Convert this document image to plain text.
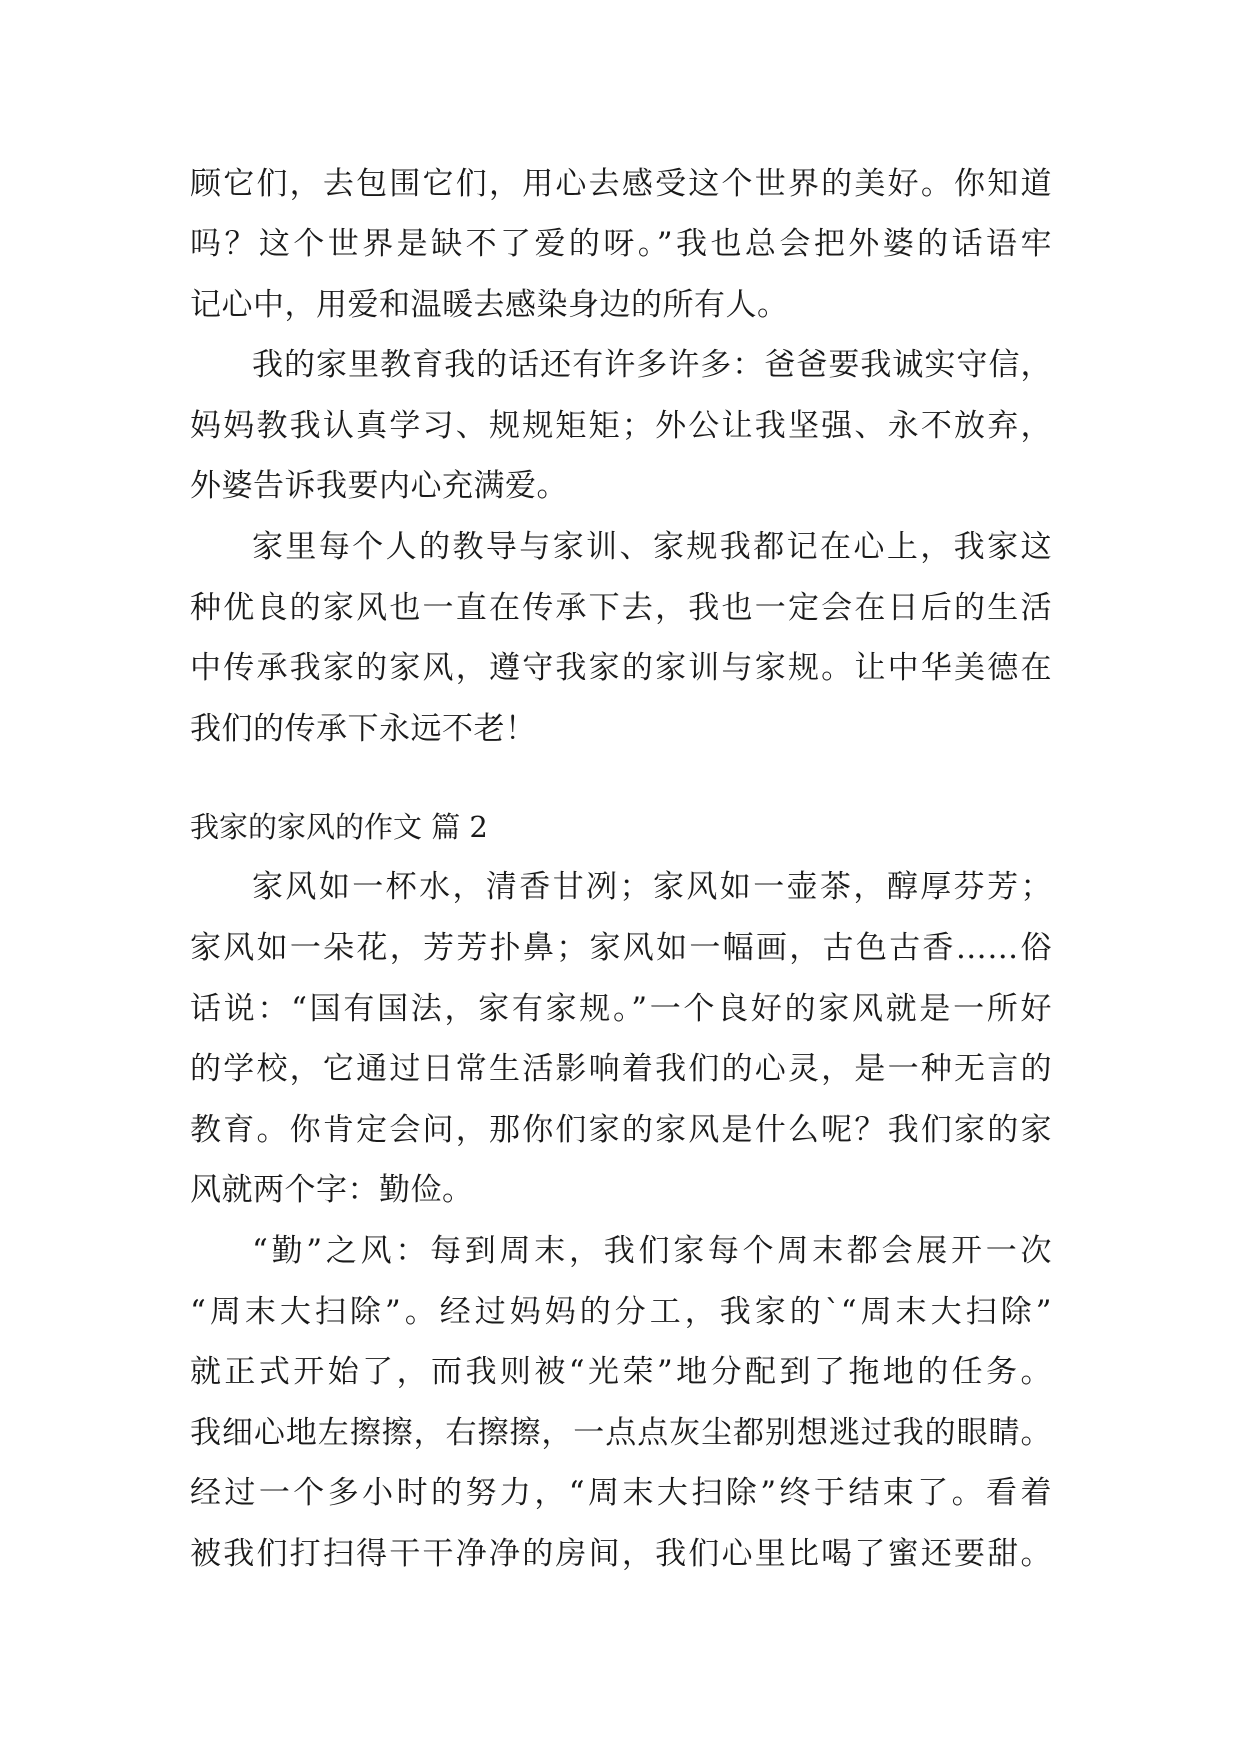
顾它们，去包围它们，用心去感受这个世界的美好。你知道
吗？这个世界是缺不了爱的呀。”我也总会把外婆的话语牢
记心中，用爱和温暖去感染身边的所有人。
我的家里教育我的话还有许多许多：爸爸要我诚实守信，
妈妈教我认真学习、规规矩矩；外公让我坚强、永不放弃，
外婆告诉我要内心充满爱。
家里每个人的教导与家训、家规我都记在心上，我家这
种优良的家风也一直在传承下去，我也一定会在日后的生活
中传承我家的家风，遵守我家的家训与家规。让中华美德在
我们的传承下永远不老！
我家的家风的作文 篇 2
家风如一杯水，清香甘冽；家风如一壶茶，醇厚芬芳；
家风如一朵花，芳芳扑鼻；家风如一幅画，古色古香……俗
话说：“国有国法，家有家规。”一个良好的家风就是一所好
的学校，它通过日常生活影响着我们的心灵，是一种无言的
教育。你肯定会问，那你们家的家风是什么呢？我们家的家
风就两个字：勤俭。
“勤”之风：每到周末，我们家每个周末都会展开一次
“周末大扫除”。经过妈妈的分工，我家的`“周末大扫除”
就正式开始了，而我则被“光荣”地分配到了拖地的任务。
我细心地左擦擦，右擦擦，一点点灰尘都别想逃过我的眼睛。
经过一个多小时的努力，“周末大扫除”终于结束了。看着
被我们打扫得干干净净的房间，我们心里比喝了蜜还要甜。
